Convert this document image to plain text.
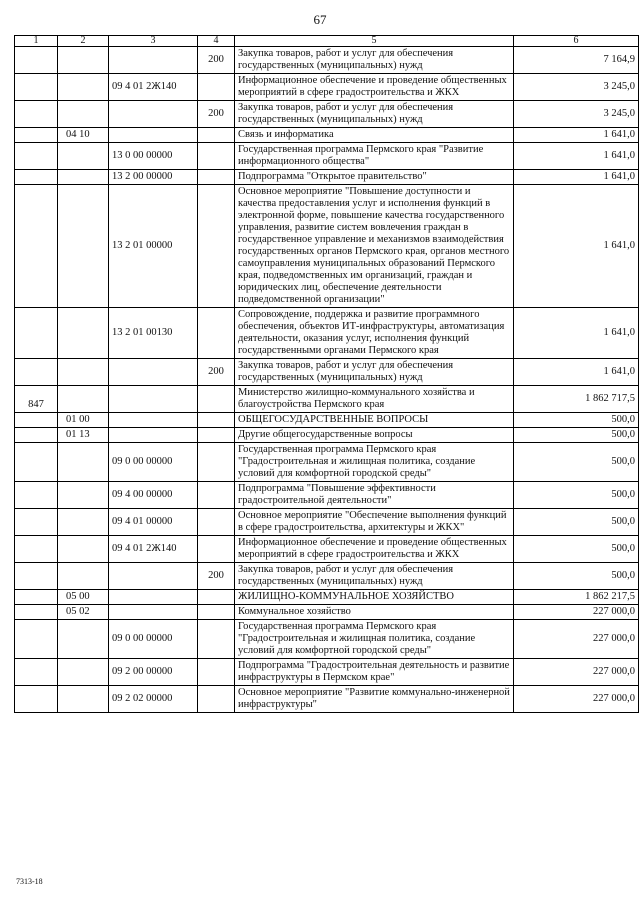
67
1	2	3	4	5	6
			200	Закупка товаров, работ и услуг для обеспечения государственных (муниципальных) нужд	7 164,9
		09 4 01 2Ж140		Информационное обеспечение и проведение общественных мероприятий в сфере градостроительства и ЖКХ	3 245,0
			200	Закупка товаров, работ и услуг для обеспечения государственных (муниципальных) нужд	3 245,0
	04 10			Связь и информатика	1 641,0
		13 0 00 00000		Государственная программа Пермского края "Развитие информационного общества"	1 641,0
		13 2 00 00000		Подпрограмма "Открытое правительство"	1 641,0
		13 2 01 00000		Основное мероприятие "Повышение доступности и качества предоставления услуг и исполнения функций в электронной форме, повышение качества государственного управления, развитие систем вовлечения граждан в государственное управление и механизмов взаимодействия государственных органов Пермского края, органов местного самоуправления муниципальных образований Пермского края, подведомственных им организаций, граждан и юридических лиц, обеспечение деятельности подведомственной организации"	1 641,0
		13 2 01 00130		Сопровождение, поддержка и развитие программного обеспечения, объектов ИТ-инфраструктуры, автоматизация деятельности, оказания услуг, исполнения функций государственными органами Пермского края	1 641,0
			200	Закупка товаров, работ и услуг для обеспечения государственных (муниципальных) нужд	1 641,0
847				Министерство жилищно-коммунального хозяйства и благоустройства Пермского края	1 862 717,5
	01 00			ОБЩЕГОСУДАРСТВЕННЫЕ ВОПРОСЫ	500,0
	01 13			Другие общегосударственные вопросы	500,0
		09 0 00 00000		Государственная программа Пермского края "Градостроительная и жилищная политика, создание условий для комфортной городской среды"	500,0
		09 4 00 00000		Подпрограмма "Повышение эффективности градостроительной деятельности"	500,0
		09 4 01 00000		Основное мероприятие "Обеспечение выполнения функций в сфере градостроительства, архитектуры и ЖКХ"	500,0
		09 4 01 2Ж140		Информационное обеспечение и проведение общественных мероприятий в сфере градостроительства и ЖКХ	500,0
			200	Закупка товаров, работ и услуг для обеспечения государственных (муниципальных) нужд	500,0
	05 00			ЖИЛИЩНО-КОММУНАЛЬНОЕ ХОЗЯЙСТВО	1 862 217,5
	05 02			Коммунальное хозяйство	227 000,0
		09 0 00 00000		Государственная программа Пермского края "Градостроительная и жилищная политика, создание условий для комфортной городской среды"	227 000,0
		09 2 00 00000		Подпрограмма "Градостроительная деятельность и развитие инфраструктуры в Пермском крае"	227 000,0
		09 2 02 00000		Основное мероприятие "Развитие коммунально-инженерной инфраструктуры"	227 000,0
7313-18
